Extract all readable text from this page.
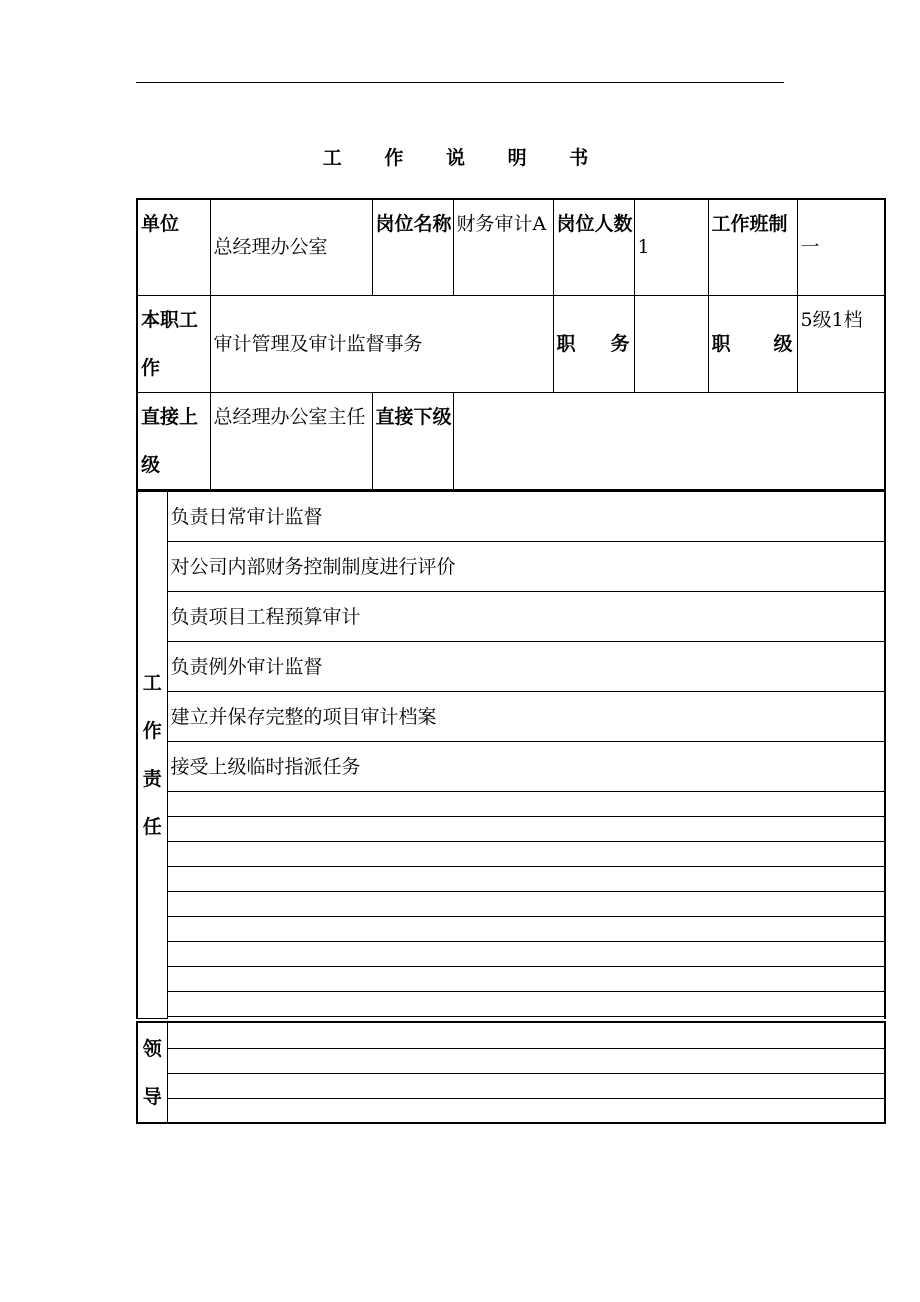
工 作 说 明 书
单位	总经理办公室	岗位名称	财务审计A	岗位人数	1	工作班制	一
本职工作	审计管理及审计监督事务			职 务		职 级	5级1档
直接上级	总经理办公室主任	直接下级					
工
作
责
任
	负责日常审计监督
对公司内部财务控制制度进行评价
负责项目工程预算审计
负责例外审计监督
建立并保存完整的项目审计档案
接受上级临时指派任务

领
导
